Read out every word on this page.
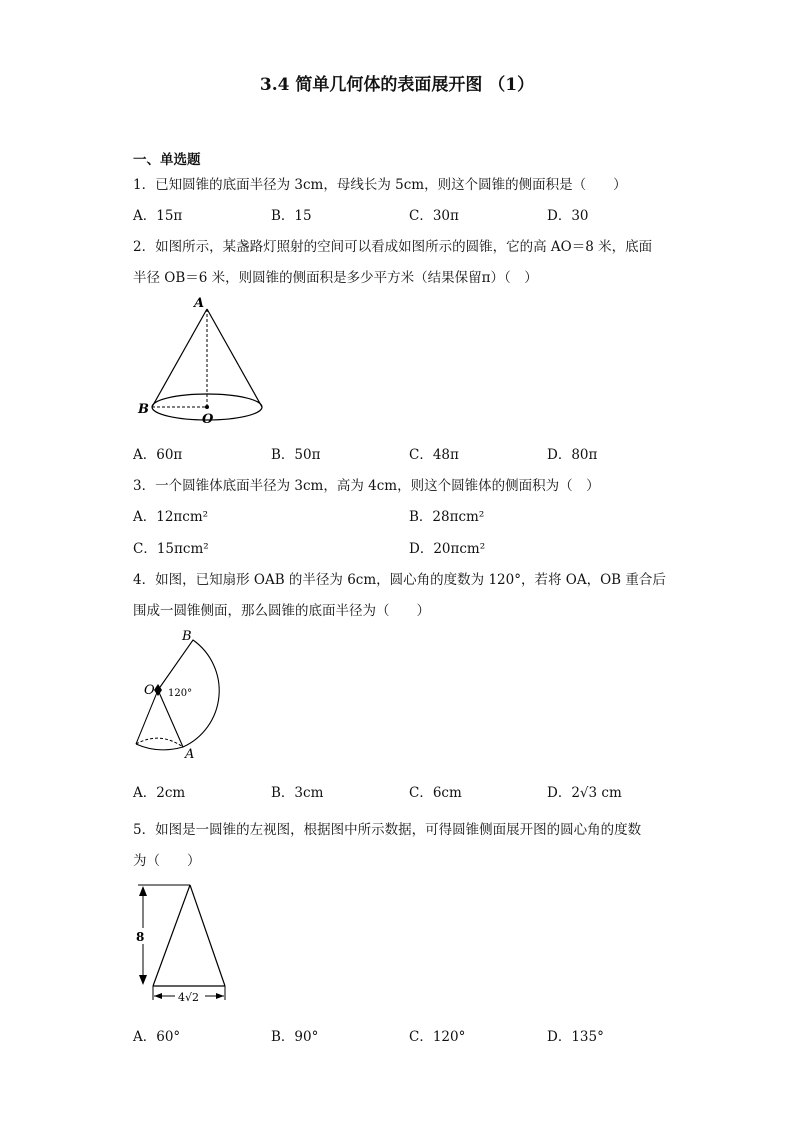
3.4 简单几何体的表面展开图 （1）
一、单选题
1．已知圆锥的底面半径为 3cm，母线长为 5cm，则这个圆锥的侧面积是（　　）
A．15π	B．15	C．30π	D．30
2．如图所示，某盏路灯照射的空间可以看成如图所示的圆锥，它的高 AO＝8 米，底面
半径 OB＝6 米，则圆锥的侧面积是多少平方米（结果保留π）（　）
A
B
O
A．60π	B．50π	C．48π	D．80π
3．一个圆锥体底面半径为 3cm，高为 4cm，则这个圆锥体的侧面积为（　）
A．12πcm²	B．28πcm²
C．15πcm²	D．20πcm²
4．如图，已知扇形 OAB 的半径为 6cm，圆心角的度数为 120°，若将 OA，OB 重合后
围成一圆锥侧面，那么圆锥的底面半径为（　　）
B
O
A
120°
A．2cm	B．3cm	C．6cm	D．2√3 cm
5．如图是一圆锥的左视图，根据图中所示数据，可得圆锥侧面展开图的圆心角的度数
为（　　）
8
4√2
A．60°	B．90°	C．120°	D．135°
